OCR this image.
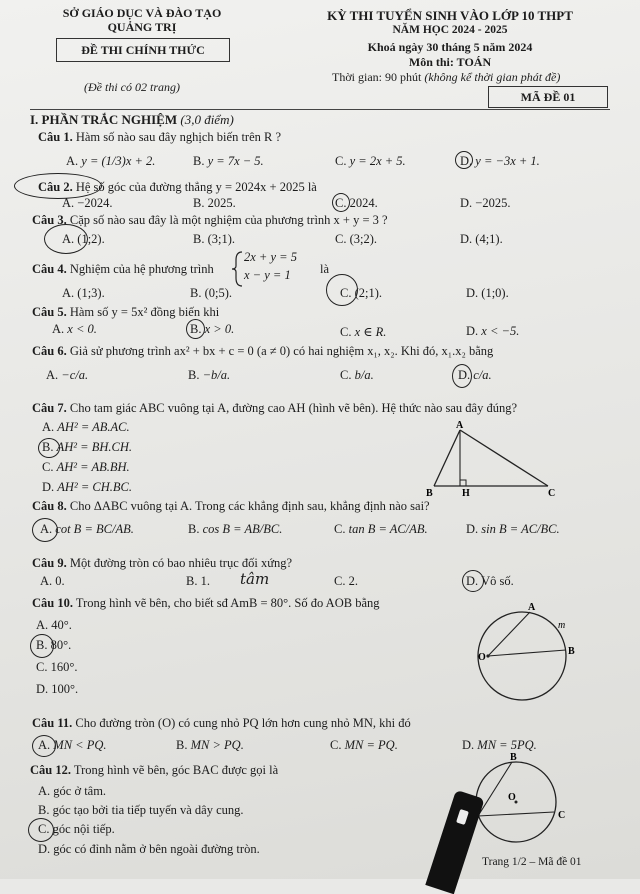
SỞ GIÁO DỤC VÀ ĐÀO TẠO
QUẢNG TRỊ
ĐỀ THI CHÍNH THỨC
(Đề thi có 02 trang)
KỲ THI TUYỂN SINH VÀO LỚP 10 THPT
NĂM HỌC 2024 - 2025
Khoá ngày 30 tháng 5 năm 2024
Môn thi: TOÁN
Thời gian: 90 phút (không kể thời gian phát đề)
MÃ ĐỀ 01
I. PHẦN TRẮC NGHIỆM (3,0 điểm)
Câu 1. Hàm số nào sau đây nghịch biến trên R ?
A. y = (1/3)x + 2.	B. y = 7x − 5.	C. y = 2x + 5.	D. y = −3x + 1.
Câu 2. Hệ số góc của đường thẳng y = 2024x + 2025 là
A. −2024.	B. 2025.	C. 2024.	D. −2025.
Câu 3. Cặp số nào sau đây là một nghiệm của phương trình x + y = 3 ?
A. (1;2).	B. (3;1).	C. (3;2).	D. (4;1).
Câu 4. Nghiệm của hệ phương trình
2x + y = 5
x − y = 1 là
A. (1;3).	B. (0;5).	C. (2;1).	D. (1;0).
Câu 5. Hàm số y = 5x² đồng biến khi
A. x < 0.	B. x > 0.	C. x ∈ R.	D. x < −5.
Câu 6. Giả sử phương trình ax² + bx + c = 0 (a ≠ 0) có hai nghiệm x₁, x₂. Khi đó, x₁.x₂ bằng
A. −c/a.	B. −b/a.	C. b/a.	D. c/a.
Câu 7. Cho tam giác ABC vuông tại A, đường cao AH (hình vẽ bên). Hệ thức nào sau đây đúng?
A. AH² = AB.AC.
B. AH² = BH.CH.
C. AH² = AB.BH.
D. AH² = CH.BC.
A
B	H	C
Câu 8. Cho ΔABC vuông tại A. Trong các khẳng định sau, khẳng định nào sai?
A. cot B = BC/AB.	B. cos B = AB/BC.	C. tan B = AC/AB.	D. sin B = AC/BC.
Câu 9. Một đường tròn có bao nhiêu trục đối xứng?
A. 0.	B. 1. tâm	C. 2.	D. Vô số.
Câu 10. Trong hình vẽ bên, cho biết sđ AmB = 80°. Số đo AOB bằng
A. 40°.
B. 80°.
C. 160°.
D. 100°.
A
m
O
B
Câu 11. Cho đường tròn (O) có cung nhỏ PQ lớn hơn cung nhỏ MN, khi đó
A. MN < PQ.	B. MN > PQ.	C. MN = PQ.	D. MN = 5PQ.
Câu 12. Trong hình vẽ bên, góc BAC được gọi là
A. góc ở tâm.
B. góc tạo bởi tia tiếp tuyến và dây cung.
C. góc nội tiếp.
D. góc có đỉnh nằm ở bên ngoài đường tròn.
B
O
C
Trang 1/2 – Mã đề 01
